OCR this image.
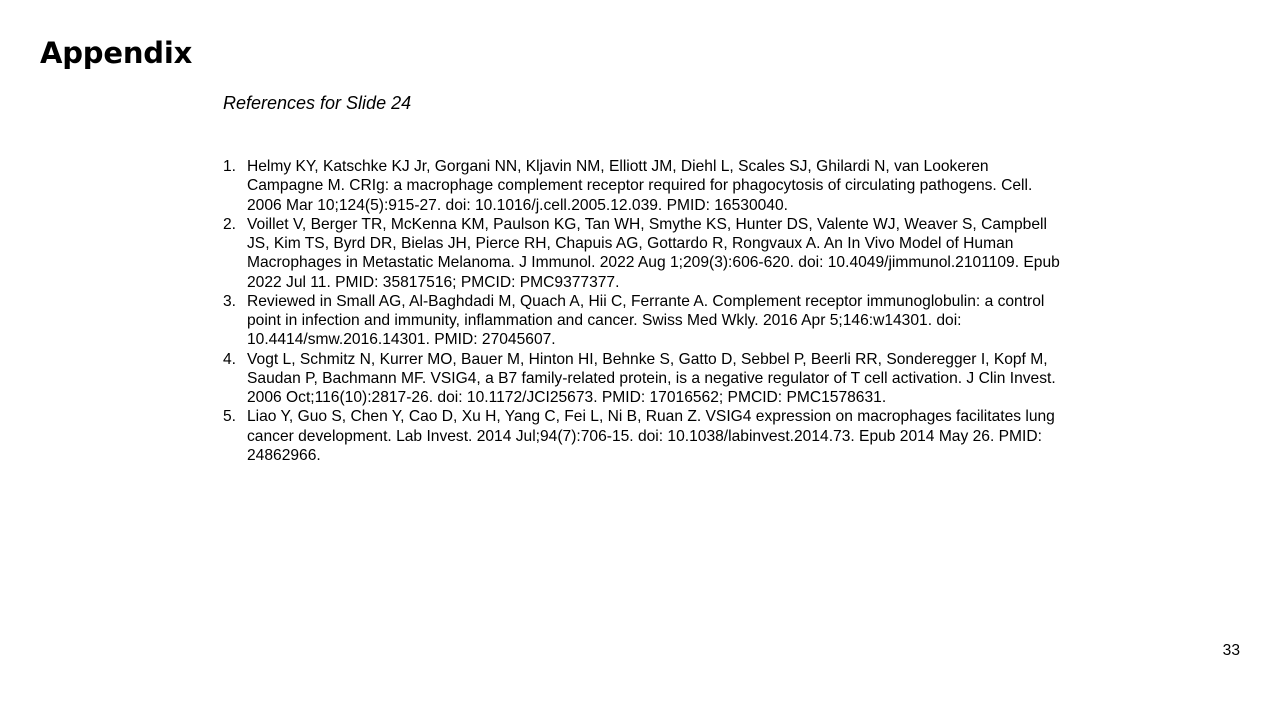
Appendix

References for Slide 24

1. Helmy KY, Katschke KJ Jr, Gorgani NN, Kljavin NM, Elliott JM, Diehl L, Scales SJ, Ghilardi N, van Lookeren Campagne M. CRIg: a macrophage complement receptor required for phagocytosis of circulating pathogens. Cell. 2006 Mar 10;124(5):915-27. doi: 10.1016/j.cell.2005.12.039. PMID: 16530040.
2. Voillet V, Berger TR, McKenna KM, Paulson KG, Tan WH, Smythe KS, Hunter DS, Valente WJ, Weaver S, Campbell JS, Kim TS, Byrd DR, Bielas JH, Pierce RH, Chapuis AG, Gottardo R, Rongvaux A. An In Vivo Model of Human Macrophages in Metastatic Melanoma. J Immunol. 2022 Aug 1;209(3):606-620. doi: 10.4049/jimmunol.2101109. Epub 2022 Jul 11. PMID: 35817516; PMCID: PMC9377377.
3. Reviewed in Small AG, Al-Baghdadi M, Quach A, Hii C, Ferrante A. Complement receptor immunoglobulin: a control point in infection and immunity, inflammation and cancer. Swiss Med Wkly. 2016 Apr 5;146:w14301. doi: 10.4414/smw.2016.14301. PMID: 27045607.
4. Vogt L, Schmitz N, Kurrer MO, Bauer M, Hinton HI, Behnke S, Gatto D, Sebbel P, Beerli RR, Sonderegger I, Kopf M, Saudan P, Bachmann MF. VSIG4, a B7 family-related protein, is a negative regulator of T cell activation. J Clin Invest. 2006 Oct;116(10):2817-26. doi: 10.1172/JCI25673. PMID: 17016562; PMCID: PMC1578631.
5. Liao Y, Guo S, Chen Y, Cao D, Xu H, Yang C, Fei L, Ni B, Ruan Z. VSIG4 expression on macrophages facilitates lung cancer development. Lab Invest. 2014 Jul;94(7):706-15. doi: 10.1038/labinvest.2014.73. Epub 2014 May 26. PMID: 24862966.
33
